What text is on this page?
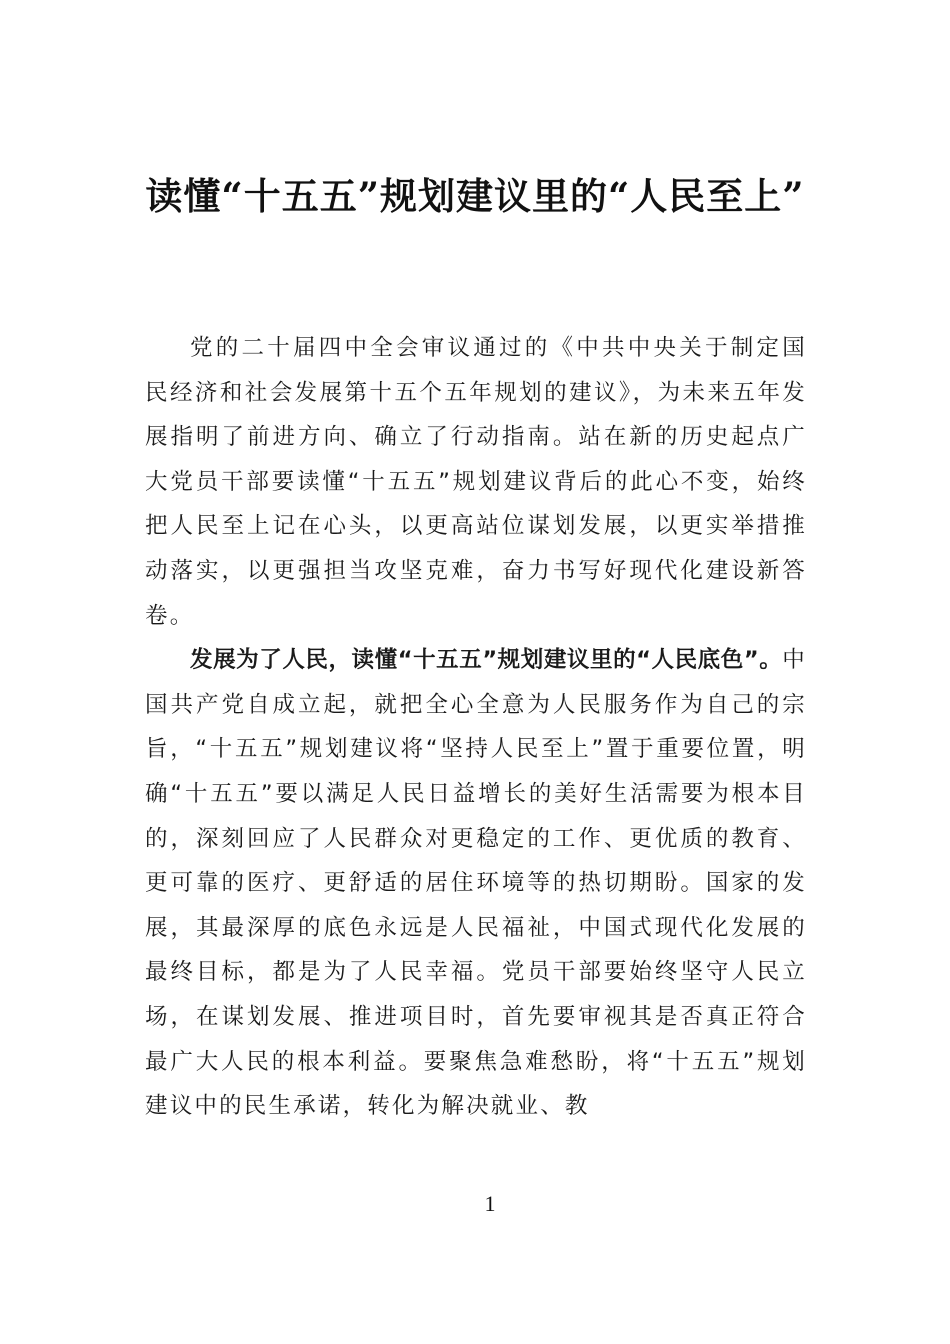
读懂“十五五”规划建议里的“人民至上”

党的二十届四中全会审议通过的《中共中央关于制定国民经济和社会发展第十五个五年规划的建议》，为未来五年发展指明了前进方向、确立了行动指南。站在新的历史起点广大党员干部要读懂“十五五”规划建议背后的此心不变，始终把人民至上记在心头，以更高站位谋划发展，以更实举措推动落实，以更强担当攻坚克难，奋力书写好现代化建设新答卷。

发展为了人民，读懂“十五五”规划建议里的“人民底色”。中国共产党自成立起，就把全心全意为人民服务作为自己的宗旨，“十五五”规划建议将“坚持人民至上”置于重要位置，明确“十五五”要以满足人民日益增长的美好生活需要为根本目的，深刻回应了人民群众对更稳定的工作、更优质的教育、更可靠的医疗、更舒适的居住环境等的热切期盼。国家的发展，其最深厚的底色永远是人民福祉，中国式现代化发展的最终目标，都是为了人民幸福。党员干部要始终坚守人民立场，在谋划发展、推进项目时，首先要审视其是否真正符合最广大人民的根本利益。要聚焦急难愁盼，将“十五五”规划建议中的民生承诺，转化为解决就业、教

1
